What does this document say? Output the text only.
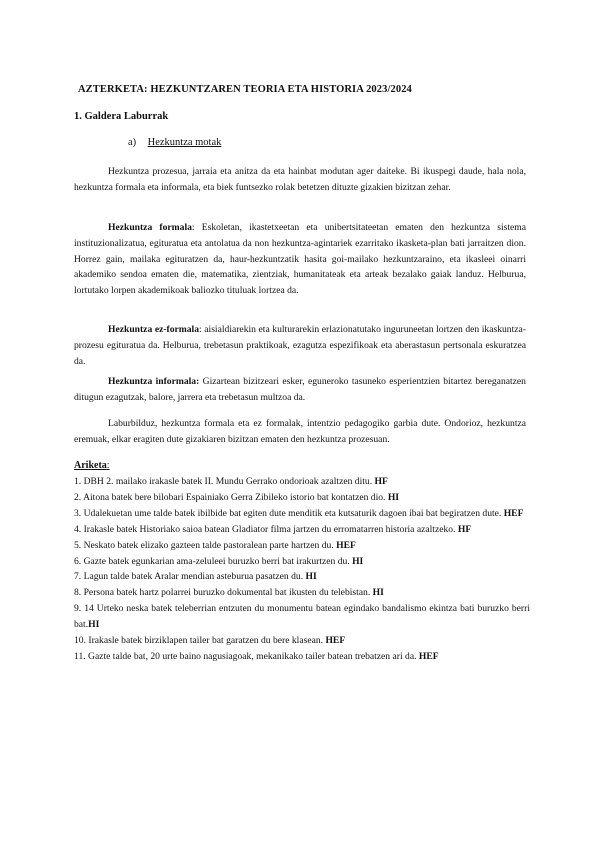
AZTERKETA: HEZKUNTZAREN TEORIA ETA HISTORIA 2023/2024
1. Galdera Laburrak
a) Hezkuntza motak
Hezkuntza prozesua, jarraia eta anitza da eta hainbat modutan ager daiteke. Bi ikuspegi daude, hala nola, hezkuntza formala eta informala, eta biek funtsezko rolak betetzen dituzte gizakien bizitzan zehar.
Hezkuntza formala: Eskoletan, ikastetxeetan eta unibertsitateetan ematen den hezkuntza sistema instituzionalizatua, egituratua eta antolatua da non hezkuntza-agintariek ezarritako ikasketa-plan bati jarraitzen dion. Horrez gain, mailaka egituratzen da, haur-hezkuntzatik hasita goi-mailako hezkuntzaraino, eta ikasleei oinarri akademiko sendoa ematen die, matematika, zientziak, humanitateak eta arteak bezalako gaiak landuz. Helburua, lortutako lorpen akademikoak baliozko tituluak lortzea da.
Hezkuntza ez-formala: aisialdiarekin eta kulturarekin erlazionatutako inguruneetan lortzen den ikaskuntza-prozesu egituratua da. Helburua, trebetasun praktikoak, ezagutza espezifikoak eta aberastasun pertsonala eskuratzea da.
Hezkuntza informala: Gizartean bizitzeari esker, eguneroko tasuneko esperientzien bitartez bereganatzen ditugun ezagutzak, balore, jarrera eta trebetasun multzoa da.
Laburbilduz, hezkuntza formala eta ez formalak, intentzio pedagogiko garbia dute. Ondorioz, hezkuntza eremuak, elkar eragiten dute gizakiaren bizitzan ematen den hezkuntza prozesuan.
Ariketa:
1. DBH 2. mailako irakasle batek II. Mundu Gerrako ondorioak azaltzen ditu. HF
2. Aitona batek bere bilobari Espainiako Gerra Zibileko istorio bat kontatzen dio. HI
3. Udalekuetan ume talde batek ibilbide bat egiten dute menditik eta kutsaturik dagoen ibai bat begiratzen dute. HEF
4. Irakasle batek Historiako saioa batean Gladiator filma jartzen du erromatarren historia azaltzeko. HF
5. Neskato batek elizako gazteen talde pastoralean parte hartzen du. HEF
6. Gazte batek egunkarian ama-zeluleei buruzko berri bat irakurtzen du. HI
7. Lagun talde batek Aralar mendian asteburua pasatzen du. HI
8. Persona batek hartz polarrei buruzko dokumental bat ikusten du telebistan. HI
9. 14 Urteko neska batek teleberrian entzuten du monumentu batean egindako bandalismo ekintza bati buruzko berri bat.HI
10. Irakasle batek birziklapen tailer bat garatzen du bere klasean. HEF
11. Gazte talde bat, 20 urte baino nagusiagoak, mekanikako tailer batean trebatzen ari da. HEF
